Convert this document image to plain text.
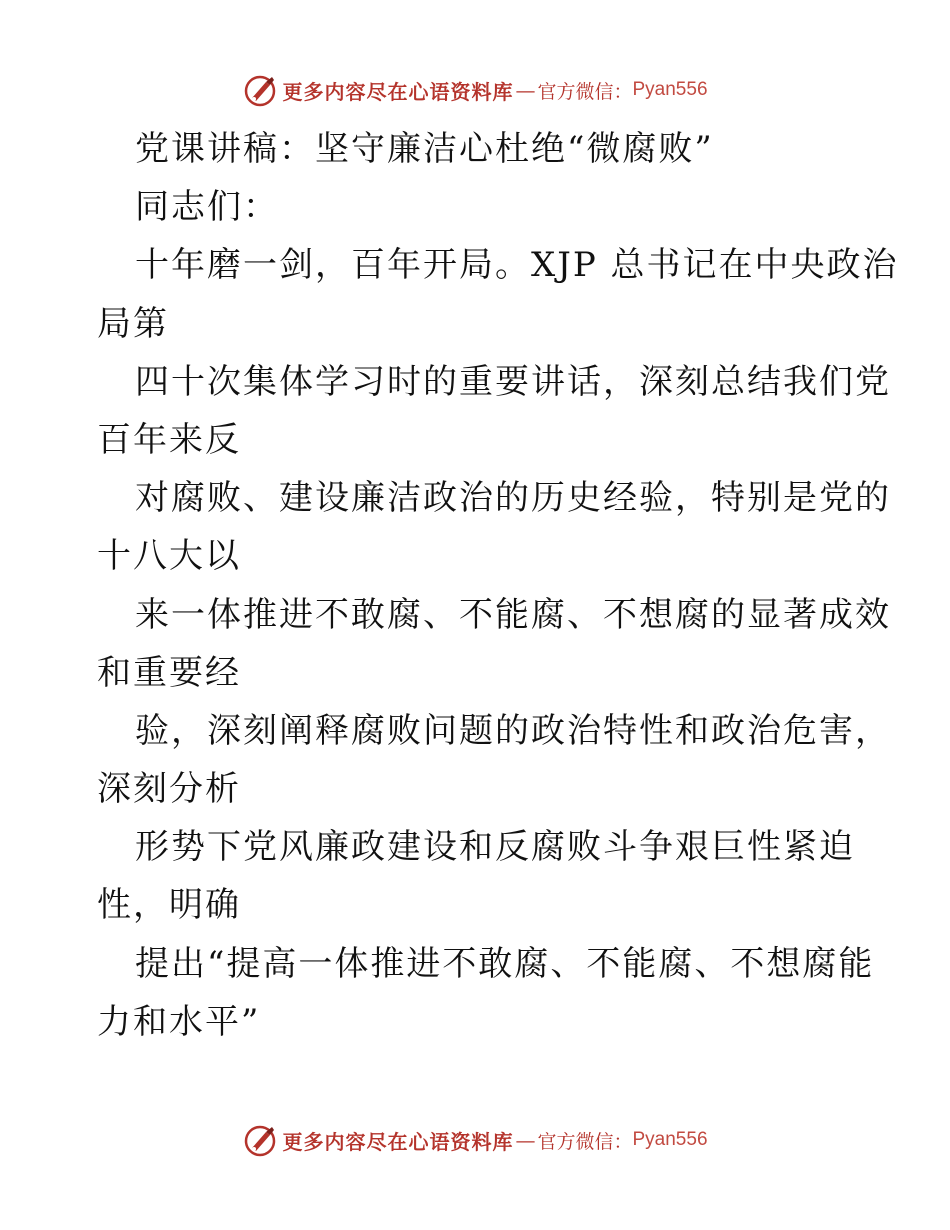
更多内容尽在心语资料库 — 官方微信： Pyan556
党课讲稿：坚守廉洁心杜绝“微腐败”
同志们：
十年磨一剑，百年开局。XJP 总书记在中央政治
局第
四十次集体学习时的重要讲话，深刻总结我们党
百年来反
对腐败、建设廉洁政治的历史经验，特别是党的
十八大以
来一体推进不敢腐、不能腐、不想腐的显著成效
和重要经
验，深刻阐释腐败问题的政治特性和政治危害，
深刻分析
形势下党风廉政建设和反腐败斗争艰巨性紧迫
性，明确
提出“提高一体推进不敢腐、不能腐、不想腐能
力和水平”
更多内容尽在心语资料库 — 官方微信： Pyan556
